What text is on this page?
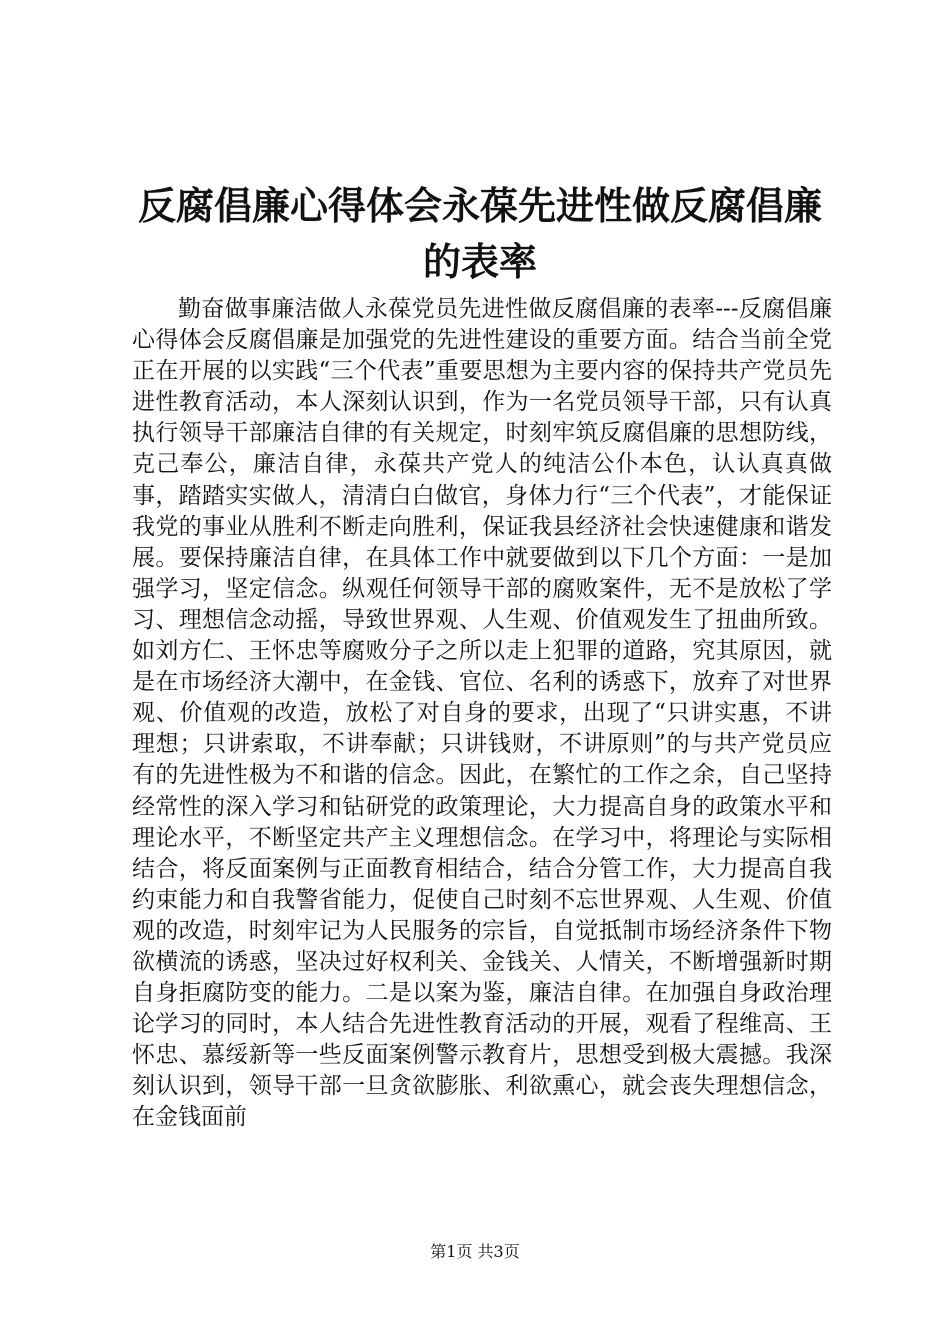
反腐倡廉心得体会永葆先进性做反腐倡廉的表率

勤奋做事廉洁做人永葆党员先进性做反腐倡廉的表率---反腐倡廉心得体会反腐倡廉是加强党的先进性建设的重要方面。结合当前全党正在开展的以实践“三个代表”重要思想为主要内容的保持共产党员先进性教育活动，本人深刻认识到，作为一名党员领导干部，只有认真执行领导干部廉洁自律的有关规定，时刻牢筑反腐倡廉的思想防线，克己奉公，廉洁自律，永葆共产党人的纯洁公仆本色，认认真真做事，踏踏实实做人，清清白白做官，身体力行“三个代表”，才能保证我党的事业从胜利不断走向胜利，保证我县经济社会快速健康和谐发展。要保持廉洁自律，在具体工作中就要做到以下几个方面：一是加强学习，坚定信念。纵观任何领导干部的腐败案件，无不是放松了学习、理想信念动摇，导致世界观、人生观、价值观发生了扭曲所致。如刘方仁、王怀忠等腐败分子之所以走上犯罪的道路，究其原因，就是在市场经济大潮中，在金钱、官位、名利的诱惑下，放弃了对世界观、价值观的改造，放松了对自身的要求，出现了“只讲实惠，不讲理想；只讲索取，不讲奉献；只讲钱财，不讲原则”的与共产党员应有的先进性极为不和谐的信念。因此，在繁忙的工作之余，自己坚持经常性的深入学习和钻研党的政策理论，大力提高自身的政策水平和理论水平，不断坚定共产主义理想信念。在学习中，将理论与实际相结合，将反面案例与正面教育相结合，结合分管工作，大力提高自我约束能力和自我警省能力，促使自己时刻不忘世界观、人生观、价值观的改造，时刻牢记为人民服务的宗旨，自觉抵制市场经济条件下物欲横流的诱惑，坚决过好权利关、金钱关、人情关，不断增强新时期自身拒腐防变的能力。二是以案为鉴，廉洁自律。在加强自身政治理论学习的同时，本人结合先进性教育活动的开展，观看了程维高、王怀忠、慕绥新等一些反面案例警示教育片，思想受到极大震撼。我深刻认识到，领导干部一旦贪欲膨胀、利欲熏心，就会丧失理想信念，在金钱面前

第1页 共3页
